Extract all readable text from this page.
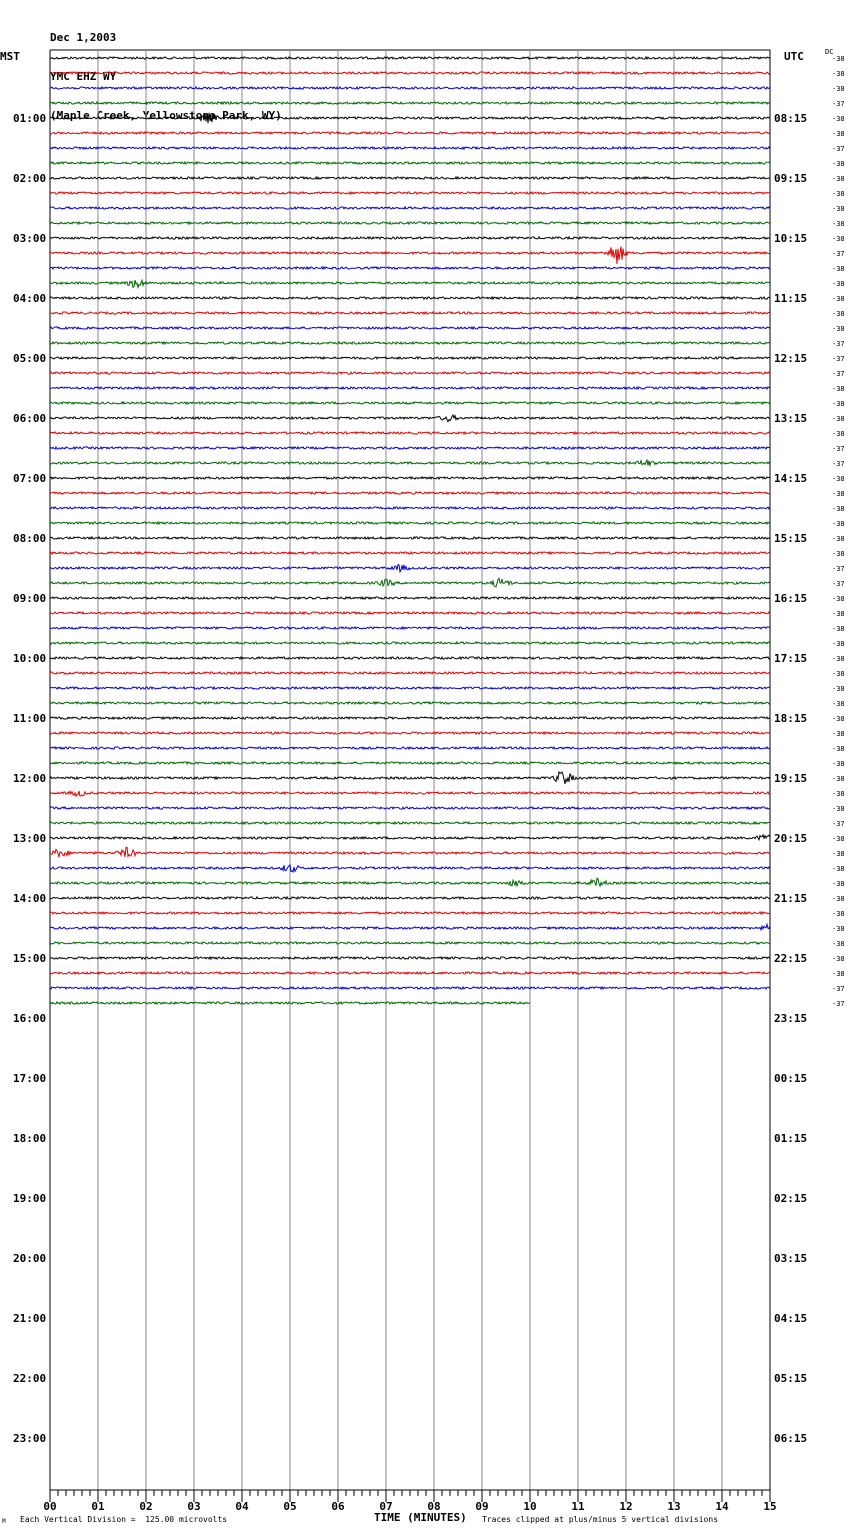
Dec 1,2003

YMC EHZ WY

(Maple Creek, Yellowstone Park, WY)

MST	UTC	DC
01:00
02:00
03:00
04:00
05:00
06:00
07:00
08:00
09:00
10:00
11:00
12:00
13:00
14:00
15:00
16:00
17:00
18:00
19:00
20:00
21:00
22:00
23:00
08:15
09:15
10:15
11:15
12:15
13:15
14:15
15:15
16:15
17:15
18:15
19:15
20:15
21:15
22:15
23:15
00:15
01:15
02:15
03:15
04:15
05:15
06:15
-38
-38
-38
-37
-38
-38
-37
-38
-38
-38
-38
-38
-38
-37
-38
-38
-38
-38
-38
-37
-37
-37
-38
-38
-38
-38
-37
-37
-38
-38
-38
-38
-38
-38
-37
-37
-38
-38
-38
-38
-38
-38
-38
-38
-38
-38
-38
-38
-38
-38
-38
-37
-38
-38
-38
-38
-38
-38
-38
-38
-38
-38
-37
-37
00	01	02	03	04	05	06	07	08	09	10	11	12	13	14	15
M Each Vertical Division =  125.00 microvolts	TIME (MINUTES) Traces clipped at plus/minus 5 vertical divisions
